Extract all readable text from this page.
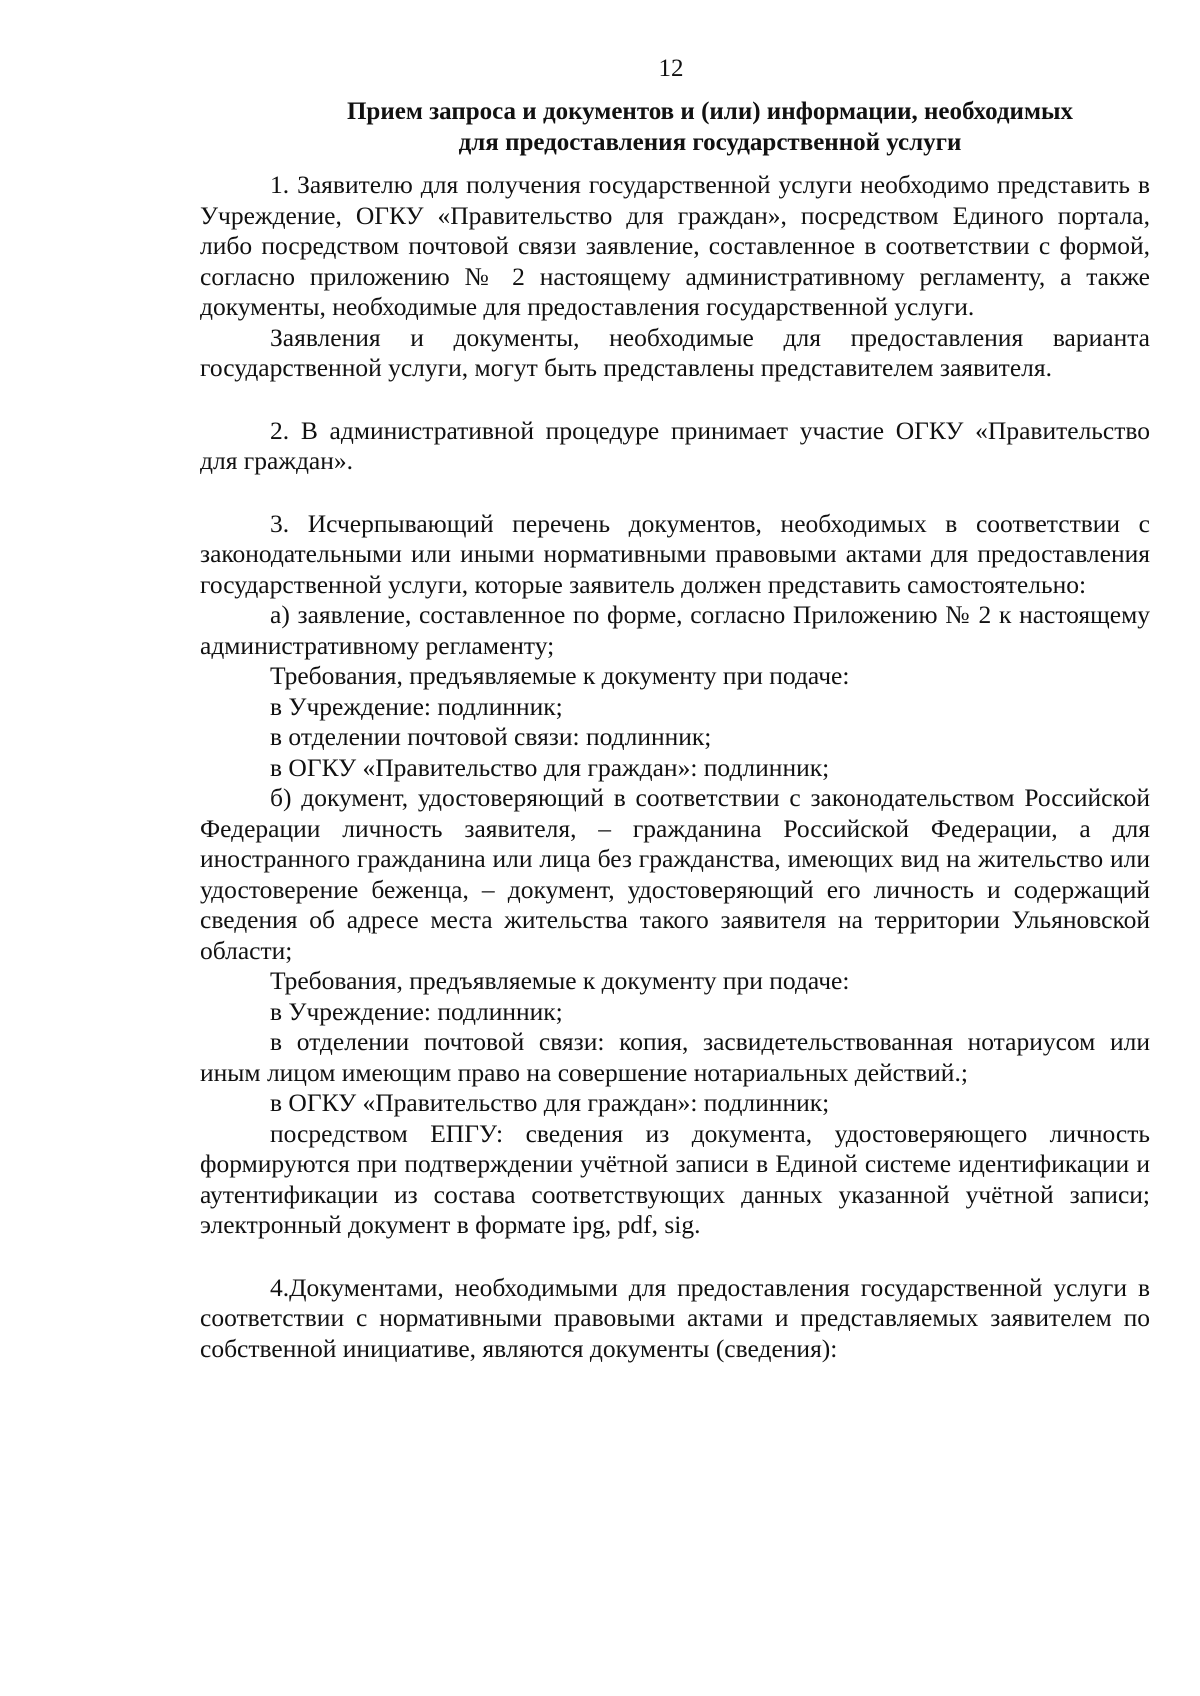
12
Прием запроса и документов и (или) информации, необходимых
для предоставления государственной услуги

1. Заявителю для получения государственной услуги необходимо представить в Учреждение, ОГКУ «Правительство для граждан», посредством Единого портала, либо посредством почтовой связи заявление, составленное в соответствии с формой, согласно приложению № 2 настоящему административному регламенту, а также документы, необходимые для предоставления государственной услуги.

Заявления и документы, необходимые для предоставления варианта государственной услуги, могут быть представлены представителем заявителя.

2. В административной процедуре принимает участие ОГКУ «Правительство для граждан».

3. Исчерпывающий перечень документов, необходимых в соответствии с законодательными или иными нормативными правовыми актами для предоставления государственной услуги, которые заявитель должен представить самостоятельно:

а) заявление, составленное по форме, согласно Приложению № 2 к настоящему административному регламенту;

Требования, предъявляемые к документу при подаче:

в Учреждение: подлинник;

в отделении почтовой связи: подлинник;

в ОГКУ «Правительство для граждан»: подлинник;

б) документ, удостоверяющий в соответствии с законодательством Российской Федерации личность заявителя, – гражданина Российской Федерации, а для иностранного гражданина или лица без гражданства, имеющих вид на жительство или удостоверение беженца, – документ, удостоверяющий его личность и содержащий сведения об адресе места жительства такого заявителя на территории Ульяновской области;

Требования, предъявляемые к документу при подаче:

в Учреждение: подлинник;

в отделении почтовой связи: копия, засвидетельствованная нотариусом или иным лицом имеющим право на совершение нотариальных действий.;

в ОГКУ «Правительство для граждан»: подлинник;

посредством ЕПГУ: сведения из документа, удостоверяющего личность формируются при подтверждении учётной записи в Единой системе идентификации и аутентификации из состава соответствующих данных указанной учётной записи; электронный документ в формате ipg, pdf, sig.

4.Документами, необходимыми для предоставления государственной услуги в соответствии с нормативными правовыми актами и представляемых заявителем по собственной инициативе, являются документы (сведения):
